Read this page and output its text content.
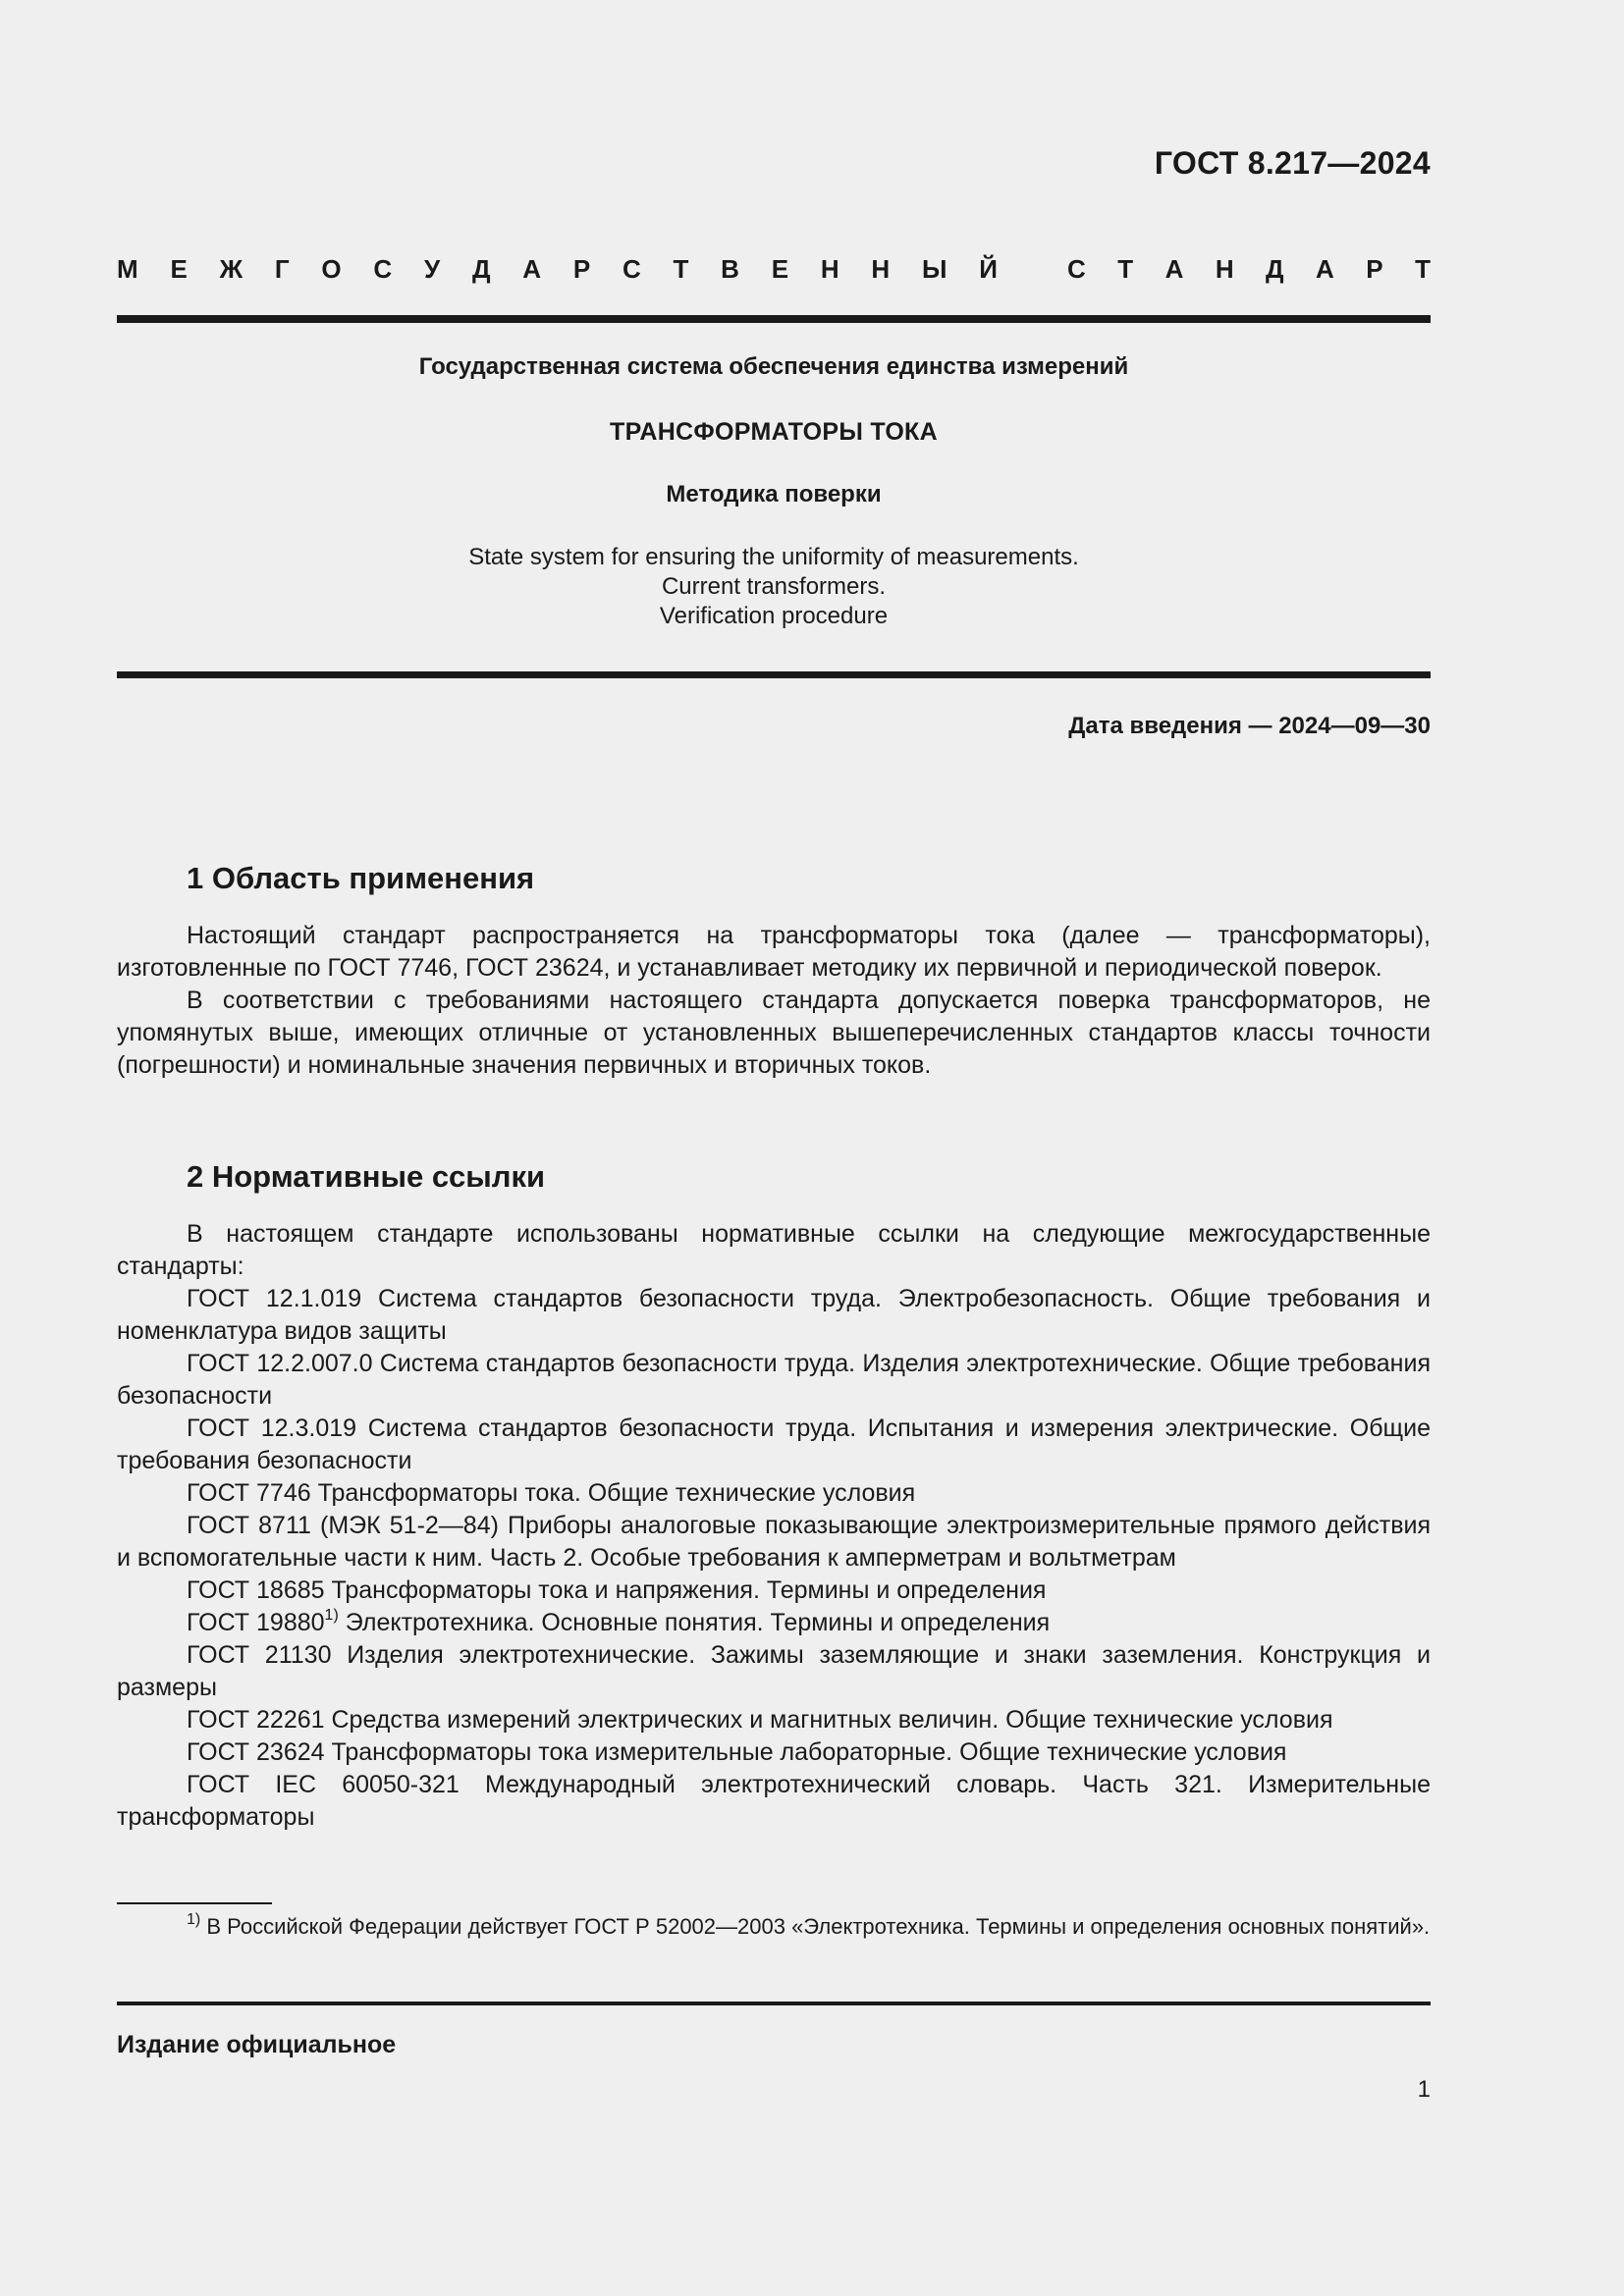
ГОСТ 8.217—2024
М Е Ж Г О С У Д А Р С Т В Е Н Н Ы Й	С Т А Н Д А Р Т
Государственная система обеспечения единства измерений
ТРАНСФОРМАТОРЫ ТОКА
Методика поверки
State system for ensuring the uniformity of measurements.
Current transformers.
Verification procedure
Дата введения — 2024—09—30
1 Область применения

Настоящий стандарт распространяется на трансформаторы тока (далее — трансформаторы), изготовленные по ГОСТ 7746, ГОСТ 23624, и устанавливает методику их первичной и периодической поверок.

В соответствии с требованиями настоящего стандарта допускается поверка трансформаторов, не упомянутых выше, имеющих отличные от установленных вышеперечисленных стандартов классы точности (погрешности) и номинальные значения первичных и вторичных токов.

2 Нормативные ссылки

В настоящем стандарте использованы нормативные ссылки на следующие межгосударственные стандарты:

ГОСТ 12.1.019 Система стандартов безопасности труда. Электробезопасность. Общие требования и номенклатура видов защиты

ГОСТ 12.2.007.0 Система стандартов безопасности труда. Изделия электротехнические. Общие требования безопасности

ГОСТ 12.3.019 Система стандартов безопасности труда. Испытания и измерения электрические. Общие требования безопасности

ГОСТ 7746 Трансформаторы тока. Общие технические условия

ГОСТ 8711 (МЭК 51-2—84) Приборы аналоговые показывающие электроизмерительные прямого действия и вспомогательные части к ним. Часть 2. Особые требования к амперметрам и вольтметрам

ГОСТ 18685 Трансформаторы тока и напряжения. Термины и определения

ГОСТ 19880$^{1)}$ Электротехника. Основные понятия. Термины и определения

ГОСТ 21130 Изделия электротехнические. Зажимы заземляющие и знаки заземления. Конструкция и размеры

ГОСТ 22261 Средства измерений электрических и магнитных величин. Общие технические условия

ГОСТ 23624 Трансформаторы тока измерительные лабораторные. Общие технические условия

ГОСТ IEC 60050-321 Международный электротехнический словарь. Часть 321. Измерительные трансформаторы

$^{1)}$ В Российской Федерации действует ГОСТ Р 52002—2003 «Электротехника. Термины и определения основных понятий».

Издание официальное
1
